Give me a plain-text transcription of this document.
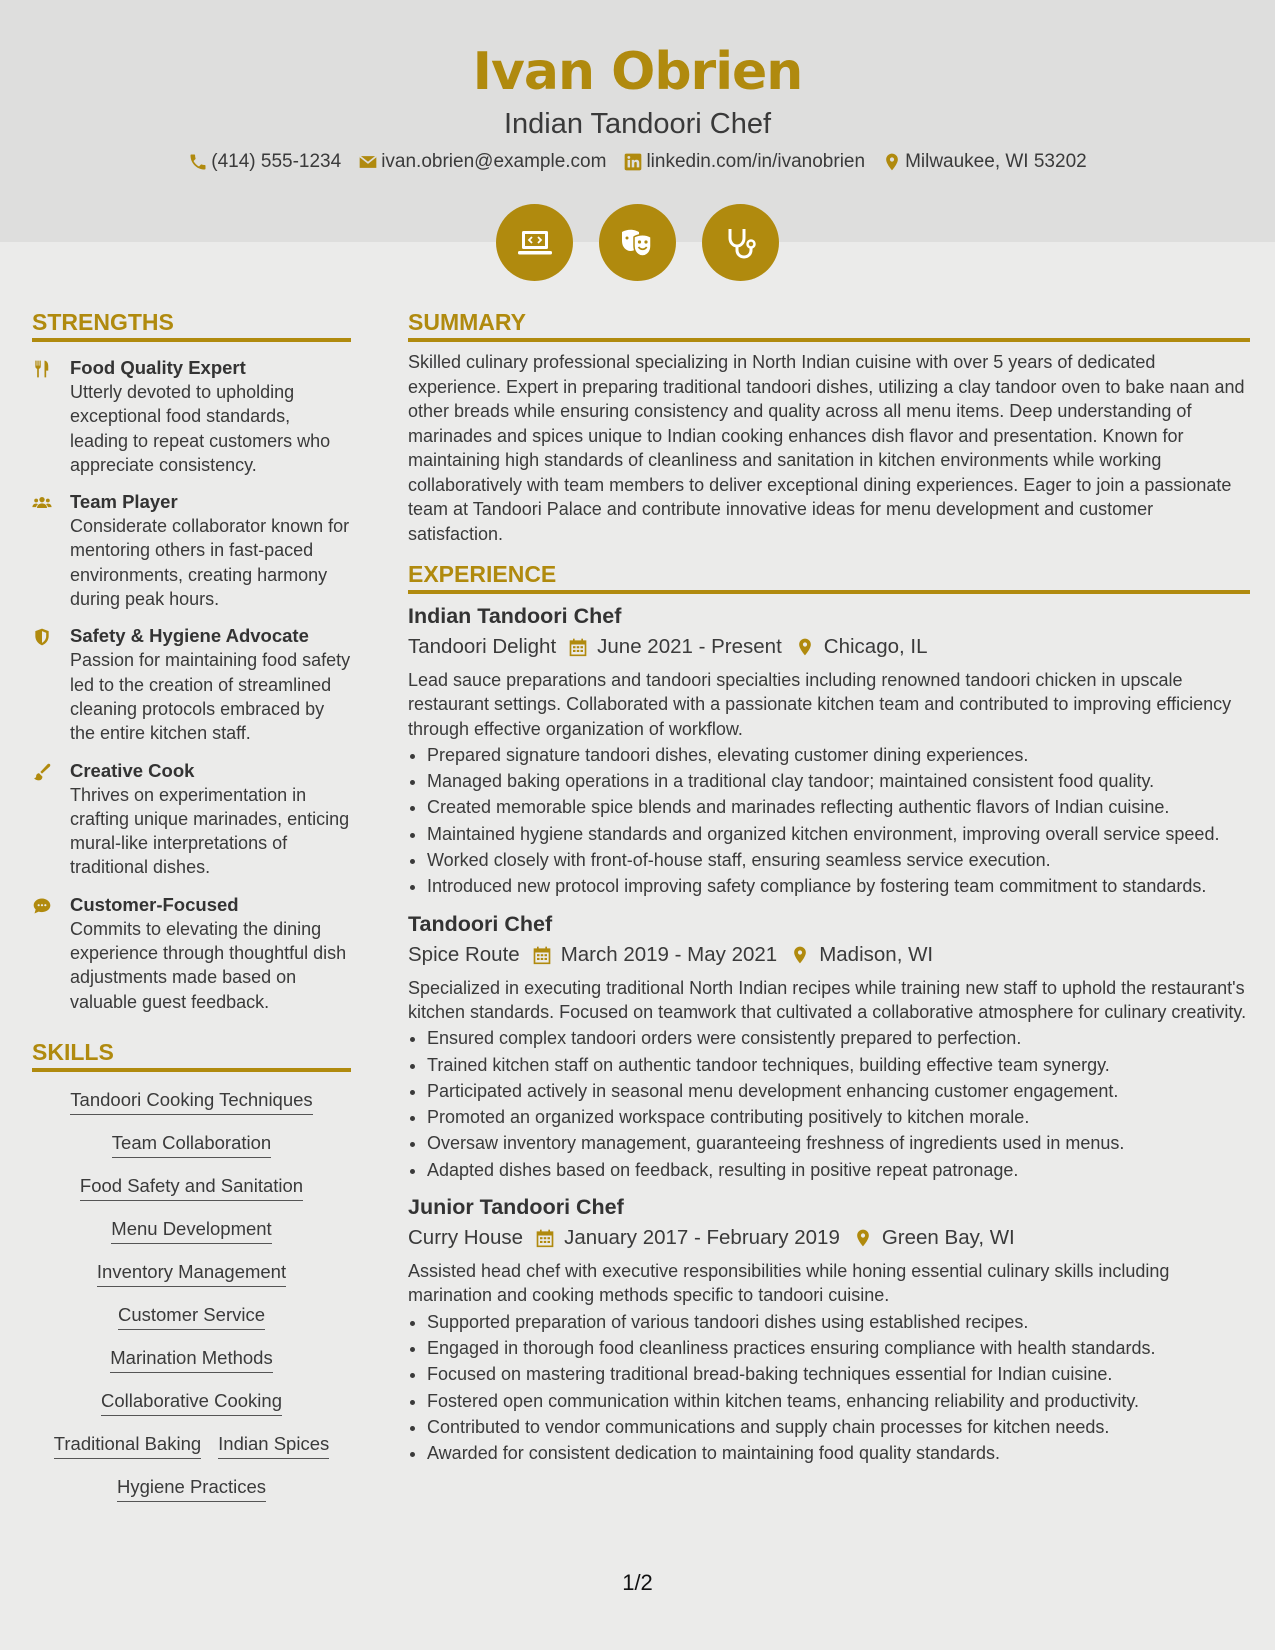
Ivan Obrien
Indian Tandoori Chef
(414) 555-1234 ivan.obrien@example.com linkedin.com/in/ivanobrien Milwaukee, WI 53202
STRENGTHS
Food Quality Expert
Utterly devoted to upholding exceptional food standards, leading to repeat customers who appreciate consistency.
Team Player
Considerate collaborator known for mentoring others in fast-paced environments, creating harmony during peak hours.
Safety & Hygiene Advocate
Passion for maintaining food safety led to the creation of streamlined cleaning protocols embraced by the entire kitchen staff.
Creative Cook
Thrives on experimentation in crafting unique marinades, enticing mural-like interpretations of traditional dishes.
Customer-Focused
Commits to elevating the dining experience through thoughtful dish adjustments made based on valuable guest feedback.
SKILLS
Tandoori Cooking Techniques
Team Collaboration
Food Safety and Sanitation
Menu Development
Inventory Management
Customer Service
Marination Methods
Collaborative Cooking
Traditional Baking Indian Spices
Hygiene Practices
SUMMARY
Skilled culinary professional specializing in North Indian cuisine with over 5 years of dedicated experience. Expert in preparing traditional tandoori dishes, utilizing a clay tandoor oven to bake naan and other breads while ensuring consistency and quality across all menu items. Deep understanding of marinades and spices unique to Indian cooking enhances dish flavor and presentation. Known for maintaining high standards of cleanliness and sanitation in kitchen environments while working collaboratively with team members to deliver exceptional dining experiences. Eager to join a passionate team at Tandoori Palace and contribute innovative ideas for menu development and customer satisfaction.
EXPERIENCE
Indian Tandoori Chef
Tandoori Delight June 2021 - Present Chicago, IL
Lead sauce preparations and tandoori specialties including renowned tandoori chicken in upscale restaurant settings. Collaborated with a passionate kitchen team and contributed to improving efficiency through effective organization of workflow.
• Prepared signature tandoori dishes, elevating customer dining experiences.
• Managed baking operations in a traditional clay tandoor; maintained consistent food quality.
• Created memorable spice blends and marinades reflecting authentic flavors of Indian cuisine.
• Maintained hygiene standards and organized kitchen environment, improving overall service speed.
• Worked closely with front-of-house staff, ensuring seamless service execution.
• Introduced new protocol improving safety compliance by fostering team commitment to standards.
Tandoori Chef
Spice Route March 2019 - May 2021 Madison, WI
Specialized in executing traditional North Indian recipes while training new staff to uphold the restaurant's kitchen standards. Focused on teamwork that cultivated a collaborative atmosphere for culinary creativity.
• Ensured complex tandoori orders were consistently prepared to perfection.
• Trained kitchen staff on authentic tandoor techniques, building effective team synergy.
• Participated actively in seasonal menu development enhancing customer engagement.
• Promoted an organized workspace contributing positively to kitchen morale.
• Oversaw inventory management, guaranteeing freshness of ingredients used in menus.
• Adapted dishes based on feedback, resulting in positive repeat patronage.
Junior Tandoori Chef
Curry House January 2017 - February 2019 Green Bay, WI
Assisted head chef with executive responsibilities while honing essential culinary skills including marination and cooking methods specific to tandoori cuisine.
• Supported preparation of various tandoori dishes using established recipes.
• Engaged in thorough food cleanliness practices ensuring compliance with health standards.
• Focused on mastering traditional bread-baking techniques essential for Indian cuisine.
• Fostered open communication within kitchen teams, enhancing reliability and productivity.
• Contributed to vendor communications and supply chain processes for kitchen needs.
• Awarded for consistent dedication to maintaining food quality standards.
1/2
